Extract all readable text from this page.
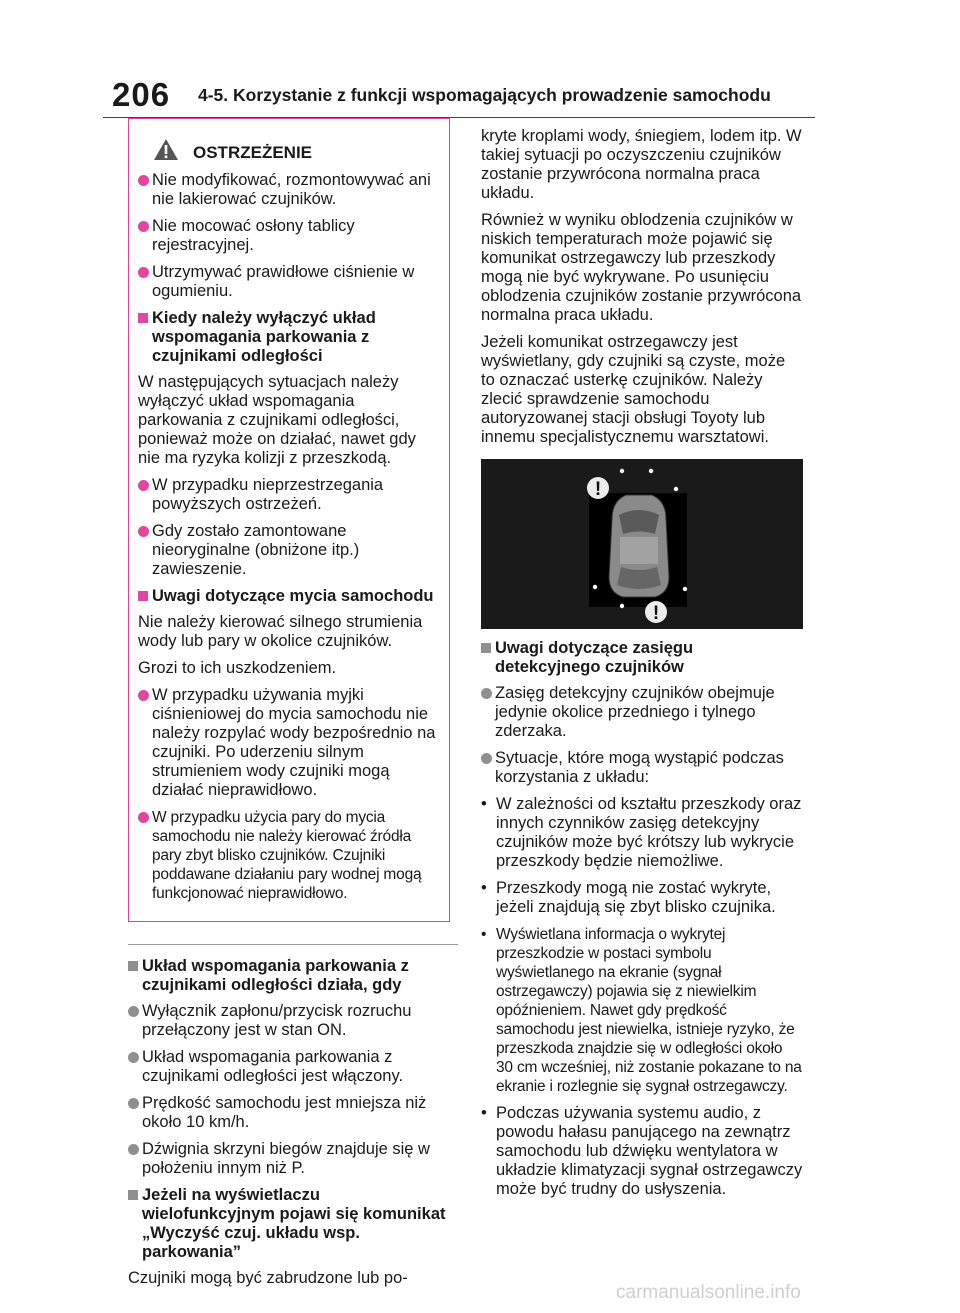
206 4-5. Korzystanie z funkcji wspomagających prowadzenie samochodu
OSTRZEŻENIE
Nie modyfikować, rozmontowywać ani nie lakierować czujników.
Nie mocować osłony tablicy rejestracyjnej.
Utrzymywać prawidłowe ciśnienie w ogumieniu.
Kiedy należy wyłączyć układ wspomagania parkowania z czujnikami odległości

W następujących sytuacjach należy wyłączyć układ wspomagania parkowania z czujnikami odległości, ponieważ może on działać, nawet gdy nie ma ryzyka kolizji z przeszkodą.

W przypadku nieprzestrzegania powyższych ostrzeżeń.
Gdy zostało zamontowane nieoryginalne (obniżone itp.) zawieszenie.
Uwagi dotyczące mycia samochodu

Nie należy kierować silnego strumienia wody lub pary w okolice czujników.

Grozi to ich uszkodzeniem.

W przypadku używania myjki ciśnieniowej do mycia samochodu nie należy rozpylać wody bezpośrednio na czujniki. Po uderzeniu silnym strumieniem wody czujniki mogą działać nieprawidłowo.
W przypadku użycia pary do mycia samochodu nie należy kierować źródła pary zbyt blisko czujników. Czujniki poddawane działaniu pary wodnej mogą funkcjonować nieprawidłowo.
Układ wspomagania parkowania z czujnikami odległości działa, gdy
Wyłącznik zapłonu/przycisk rozruchu przełączony jest w stan ON.
Układ wspomagania parkowania z czujnikami odległości jest włączony.
Prędkość samochodu jest mniejsza niż około 10 km/h.
Dźwignia skrzyni biegów znajduje się w położeniu innym niż P.
Jeżeli na wyświetlaczu wielofunkcyjnym pojawi się komunikat „Wyczyść czuj. układu wsp. parkowania”

Czujniki mogą być zabrudzone lub po-

kryte kroplami wody, śniegiem, lodem itp. W takiej sytuacji po oczyszczeniu czujników zostanie przywrócona normalna praca układu.

Również w wyniku oblodzenia czujników w niskich temperaturach może pojawić się komunikat ostrzegawczy lub przeszkody mogą nie być wykrywane. Po usunięciu oblodzenia czujników zostanie przywrócona normalna praca układu.

Jeżeli komunikat ostrzegawczy jest wyświetlany, gdy czujniki są czyste, może to oznaczać usterkę czujników. Należy zlecić sprawdzenie samochodu autoryzowanej stacji obsługi Toyoty lub innemu specjalistycznemu warsztatowi.

!
!
Uwagi dotyczące zasięgu detekcyjnego czujników
Zasięg detekcyjny czujników obejmuje jedynie okolice przedniego i tylnego zderzaka.
Sytuacje, które mogą wystąpić podczas korzystania z układu:
• W zależności od kształtu przeszkody oraz innych czynników zasięg detekcyjny czujników może być krótszy lub wykrycie przeszkody będzie niemożliwe.
• Przeszkody mogą nie zostać wykryte, jeżeli znajdują się zbyt blisko czujnika.
• Wyświetlana informacja o wykrytej przeszkodzie w postaci symbolu wyświetlanego na ekranie (sygnał ostrzegawczy) pojawia się z niewielkim opóźnieniem. Nawet gdy prędkość samochodu jest niewielka, istnieje ryzyko, że przeszkoda znajdzie się w odległości około 30 cm wcześniej, niż zostanie pokazane to na ekranie i rozlegnie się sygnał ostrzegawczy.
• Podczas używania systemu audio, z powodu hałasu panującego na zewnątrz samochodu lub dźwięku wentylatora w układzie klimatyzacji sygnał ostrzegawczy może być trudny do usłyszenia.
carmanualsonline.info
